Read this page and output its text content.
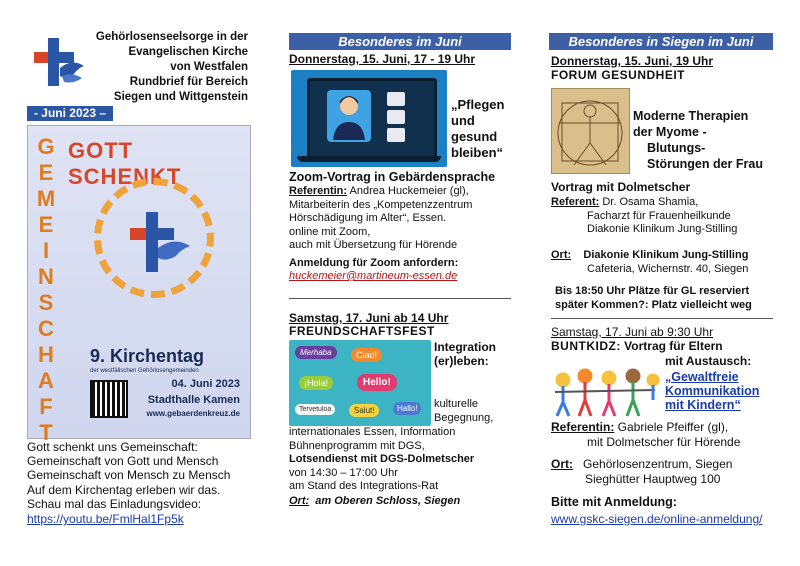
Gehörlosenseelsorge in der
Evangelischen Kirche
von Westfalen
Rundbrief für Bereich
Siegen und Wittgenstein
- Juni 2023 –
G
E
M
E
I
N
S
C
H
A
F
T
GOTT SCHENKT
9. Kirchentag
der westfälischen Gehörlosengemeinden
04. Juni 2023
Stadthalle Kamen
www.gebaerdenkreuz.de
Gott schenkt uns Gemeinschaft:
Gemeinschaft von Gott und Mensch
Gemeinschaft von Mensch zu Mensch
Auf dem Kirchentag erleben wir das.
Schau mal das Einladungsvideo:
https://youtu.be/FmlHal1Fp5k
Besonderes im Juni
Donnerstag, 15. Juni, 17 - 19 Uhr
„Pflegen
und
gesund
bleiben“
Zoom-Vortrag in Gebärdensprache
Referentin: Andrea Huckemeier (gl),
Mitarbeiterin des „Kompetenzzentrum
Hörschädigung im Alter“, Essen.
online mit Zoom,
auch mit Übersetzung für Hörende
Anmeldung für Zoom anfordern:
huckemeier@martineum-essen.de
Samstag, 17. Juni ab 14 Uhr
FREUNDSCHAFTSFEST
Merhaba	Ciao!
Hello!
¡Hola!
Salut!	Hallo!
Tervetuloa
Integration
(er)leben:
kulturelle
Begegnung,
internationales Essen, Information
Bühnenprogramm mit DGS,
Lotsendienst mit DGS-Dolmetscher
von 14:30 – 17:00 Uhr
am Stand des Integrations-Rat
Ort: am Oberen Schloss, Siegen
Besonderes in Siegen im Juni
Donnerstag, 15. Juni, 19 Uhr
FORUM GESUNDHEIT
Moderne Therapien
der Myome -
Blutungs-
Störungen der Frau
Vortrag mit Dolmetscher
Referent: Dr. Osama Shamia,
Facharzt für Frauenheilkunde
Diakonie Klinikum Jung-Stilling
Ort: Diakonie Klinikum Jung-Stilling
Cafeteria, Wichernstr. 40, Siegen
Bis 18:50 Uhr Plätze für GL reserviert
später Kommen?: Platz vielleicht weg
Samstag, 17. Juni ab 9:30 Uhr
BUNTKIDZ: Vortrag für Eltern
mit Austausch:
„Gewaltfreie
Kommunikation
mit Kindern“
Referentin: Gabriele Pfeiffer (gl),
mit Dolmetscher für Hörende
Ort: Gehörlosenzentrum, Siegen
Sieghütter Hauptweg 100
Bitte mit Anmeldung:
www.gskc-siegen.de/online-anmeldung/
